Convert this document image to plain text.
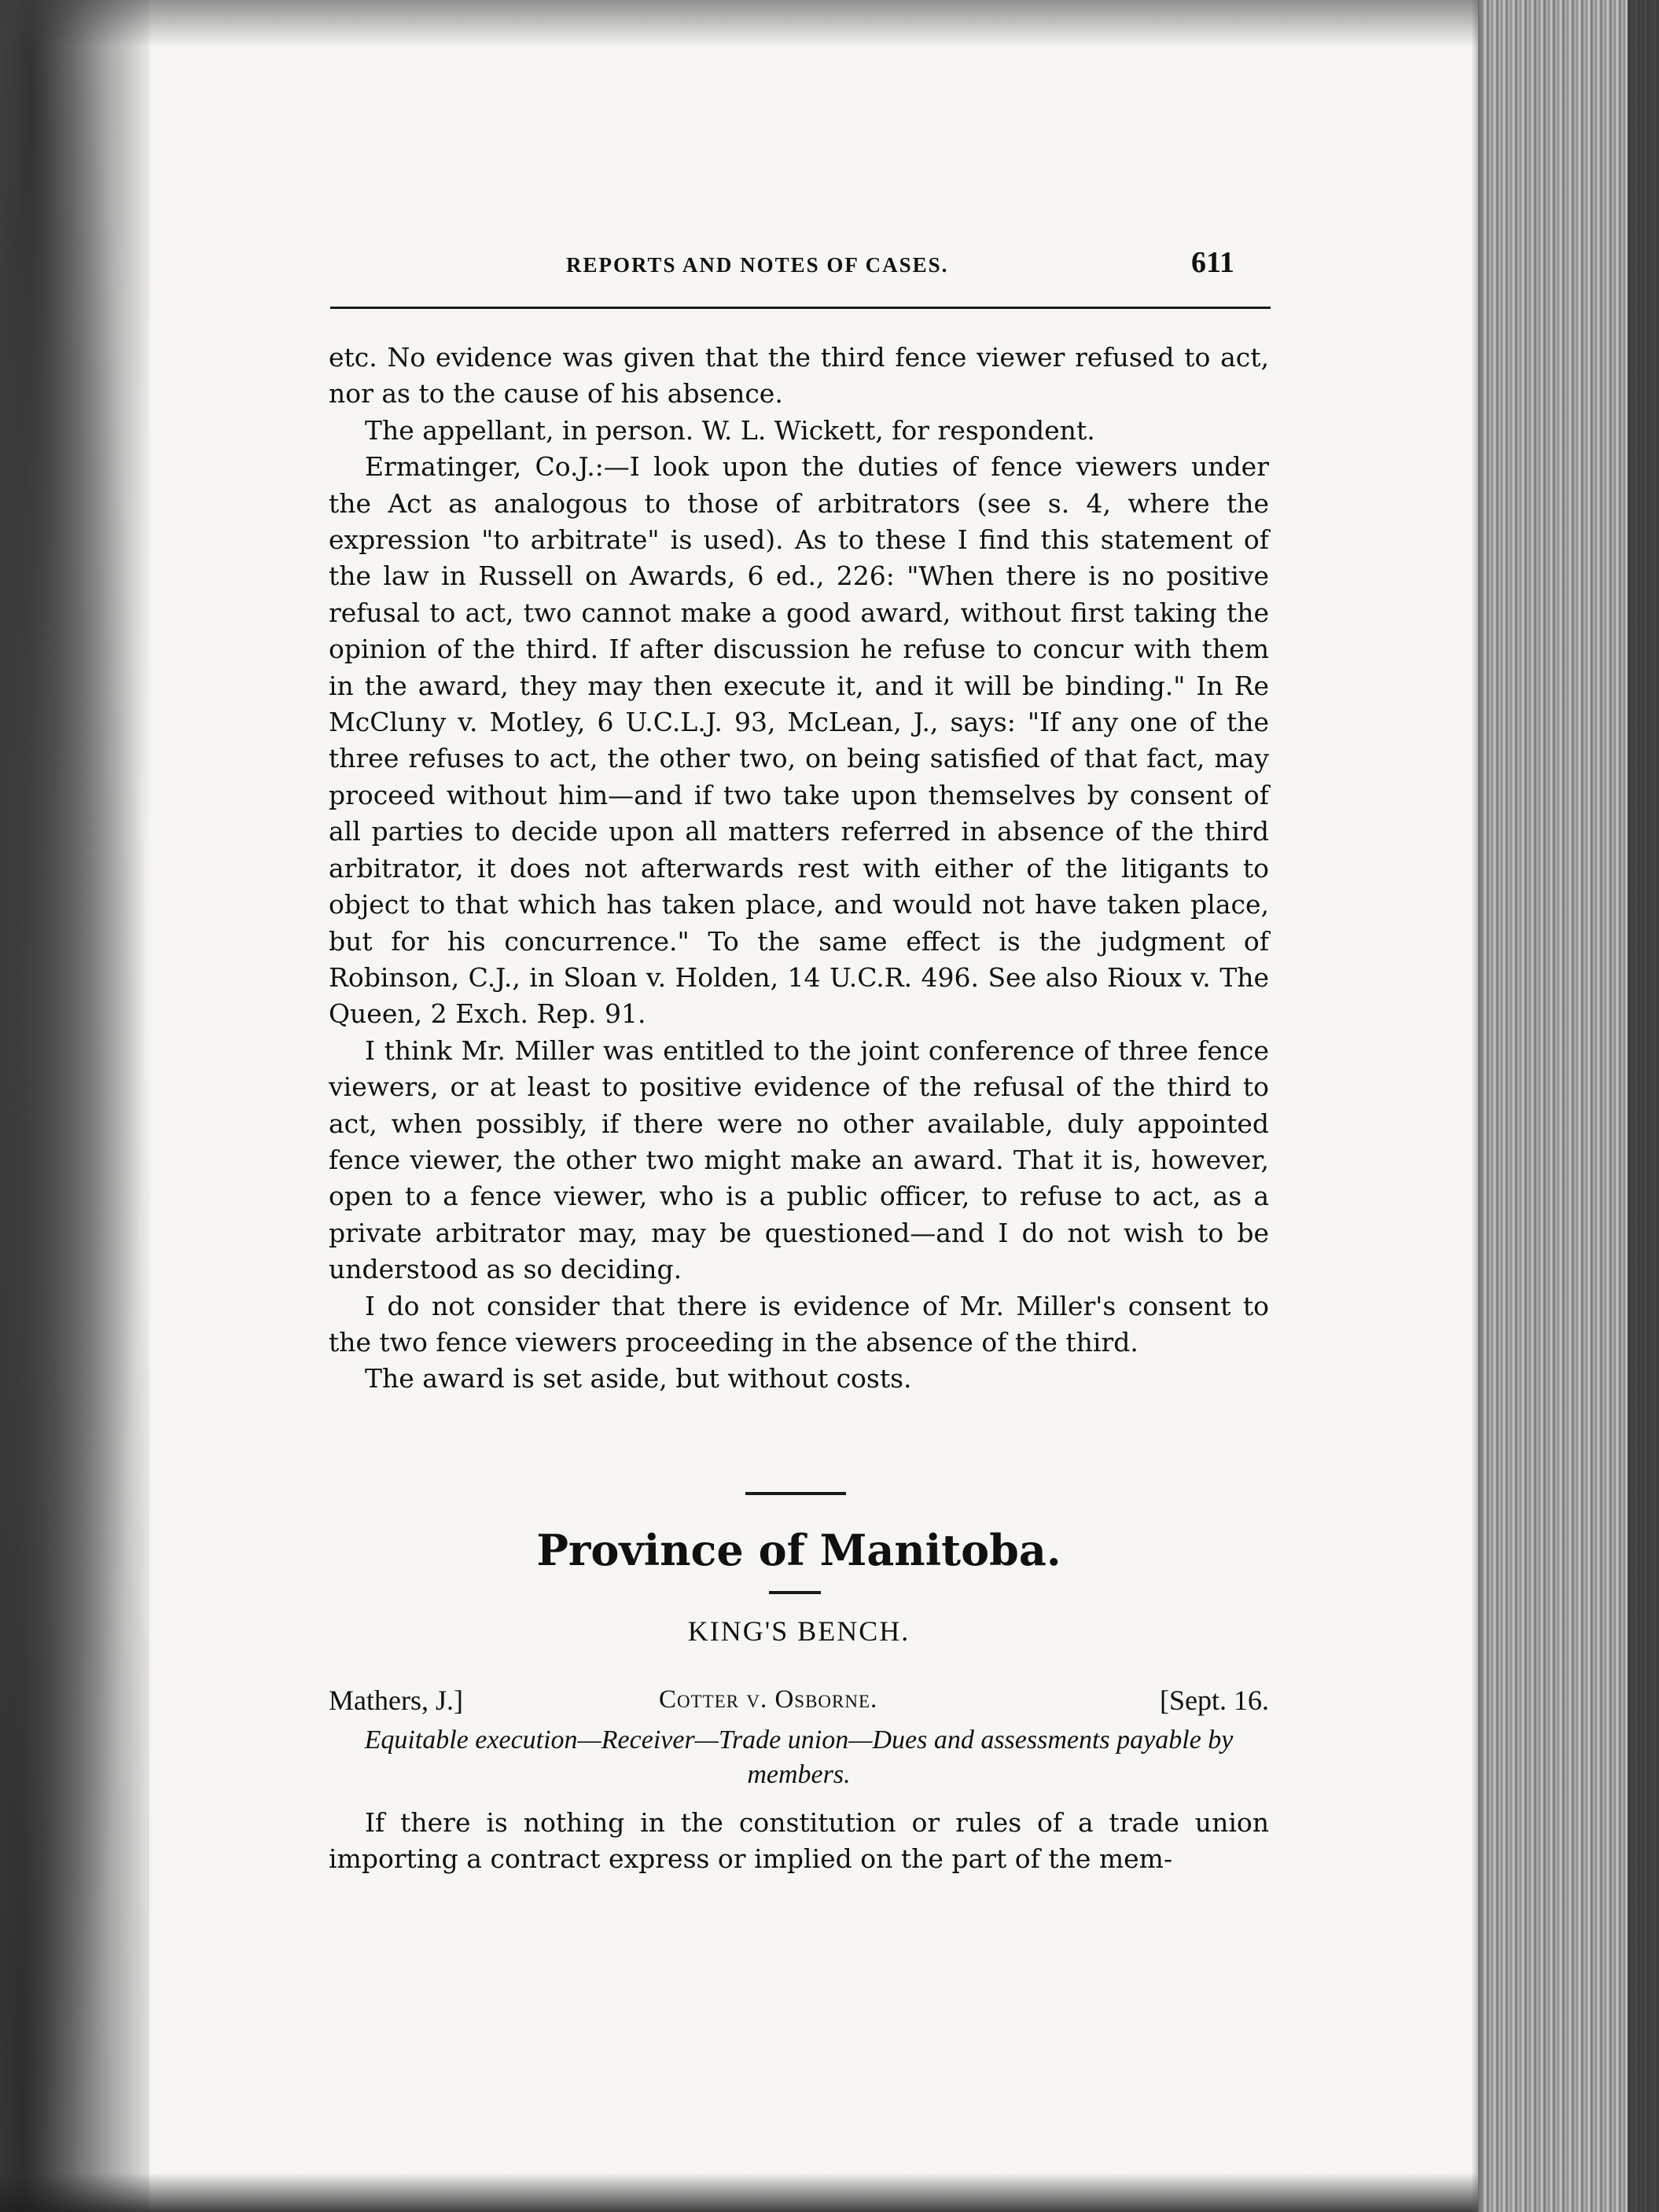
REPORTS AND NOTES OF CASES.	611

etc. No evidence was given that the third fence viewer refused to act, nor as to the cause of his absence.

The appellant, in person. W. L. Wickett, for respondent.

Ermatinger, Co.J.:—I look upon the duties of fence viewers under the Act as analogous to those of arbitrators (see s. 4, where the expression "to arbitrate" is used). As to these I find this statement of the law in Russell on Awards, 6 ed., 226: "When there is no positive refusal to act, two cannot make a good award, without first taking the opinion of the third. If after discussion he refuse to concur with them in the award, they may then execute it, and it will be binding." In Re McCluny v. Motley, 6 U.C.L.J. 93, McLean, J., says: "If any one of the three refuses to act, the other two, on being satisfied of that fact, may proceed without him—and if two take upon themselves by consent of all parties to decide upon all matters referred in absence of the third arbitrator, it does not afterwards rest with either of the litigants to object to that which has taken place, and would not have taken place, but for his concurrence." To the same effect is the judgment of Robinson, C.J., in Sloan v. Holden, 14 U.C.R. 496. See also Rioux v. The Queen, 2 Exch. Rep. 91.

I think Mr. Miller was entitled to the joint conference of three fence viewers, or at least to positive evidence of the refusal of the third to act, when possibly, if there were no other available, duly appointed fence viewer, the other two might make an award. That it is, however, open to a fence viewer, who is a public officer, to refuse to act, as a private arbitrator may, may be questioned—and I do not wish to be understood as so deciding.

I do not consider that there is evidence of Mr. Miller's consent to the two fence viewers proceeding in the absence of the third.

The award is set aside, but without costs.

Province of Manitoba.
KING'S BENCH.
Mathers, J.]	Cotter v. Osborne.	[Sept. 16.
Equitable execution—Receiver—Trade union—Dues and assessments payable by members.

If there is nothing in the constitution or rules of a trade union importing a contract express or implied on the part of the mem-
